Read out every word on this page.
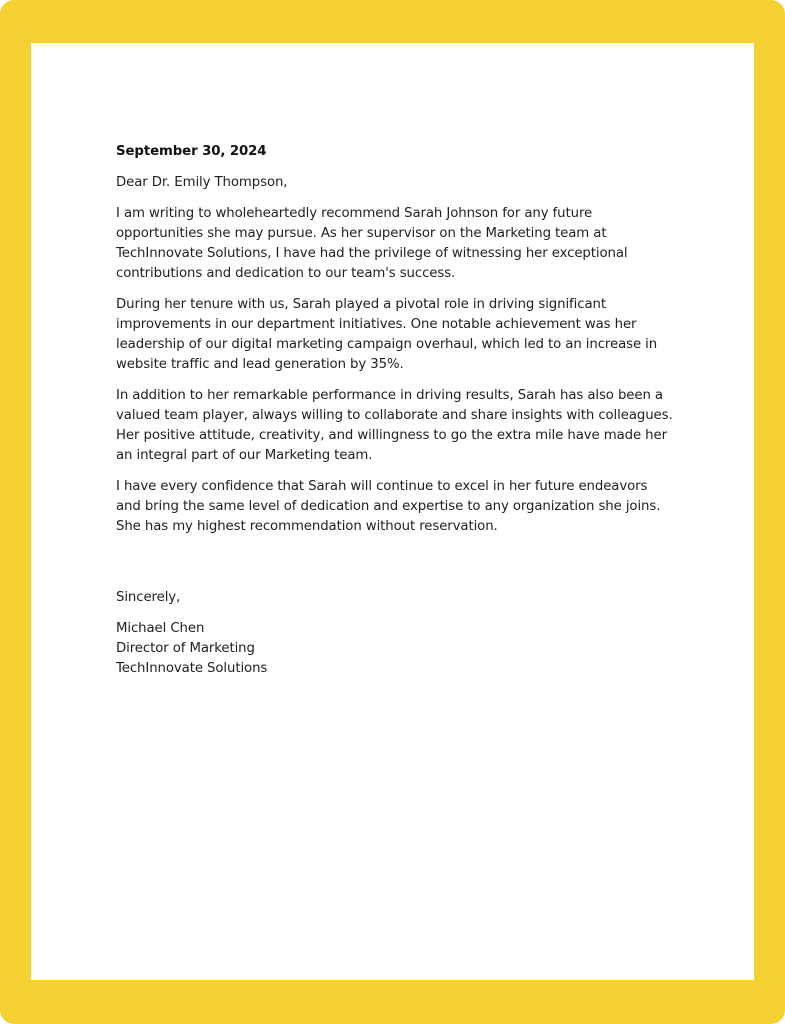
September 30, 2024

Dear Dr. Emily Thompson,

I am writing to wholeheartedly recommend Sarah Johnson for any future opportunities she may pursue. As her supervisor on the Marketing team at TechInnovate Solutions, I have had the privilege of witnessing her exceptional contributions and dedication to our team's success.

During her tenure with us, Sarah played a pivotal role in driving significant improvements in our department initiatives. One notable achievement was her leadership of our digital marketing campaign overhaul, which led to an increase in website traffic and lead generation by 35%.

In addition to her remarkable performance in driving results, Sarah has also been a valued team player, always willing to collaborate and share insights with colleagues. Her positive attitude, creativity, and willingness to go the extra mile have made her an integral part of our Marketing team.

I have every confidence that Sarah will continue to excel in her future endeavors and bring the same level of dedication and expertise to any organization she joins. She has my highest recommendation without reservation.

Sincerely,

Michael Chen
Director of Marketing
TechInnovate Solutions
